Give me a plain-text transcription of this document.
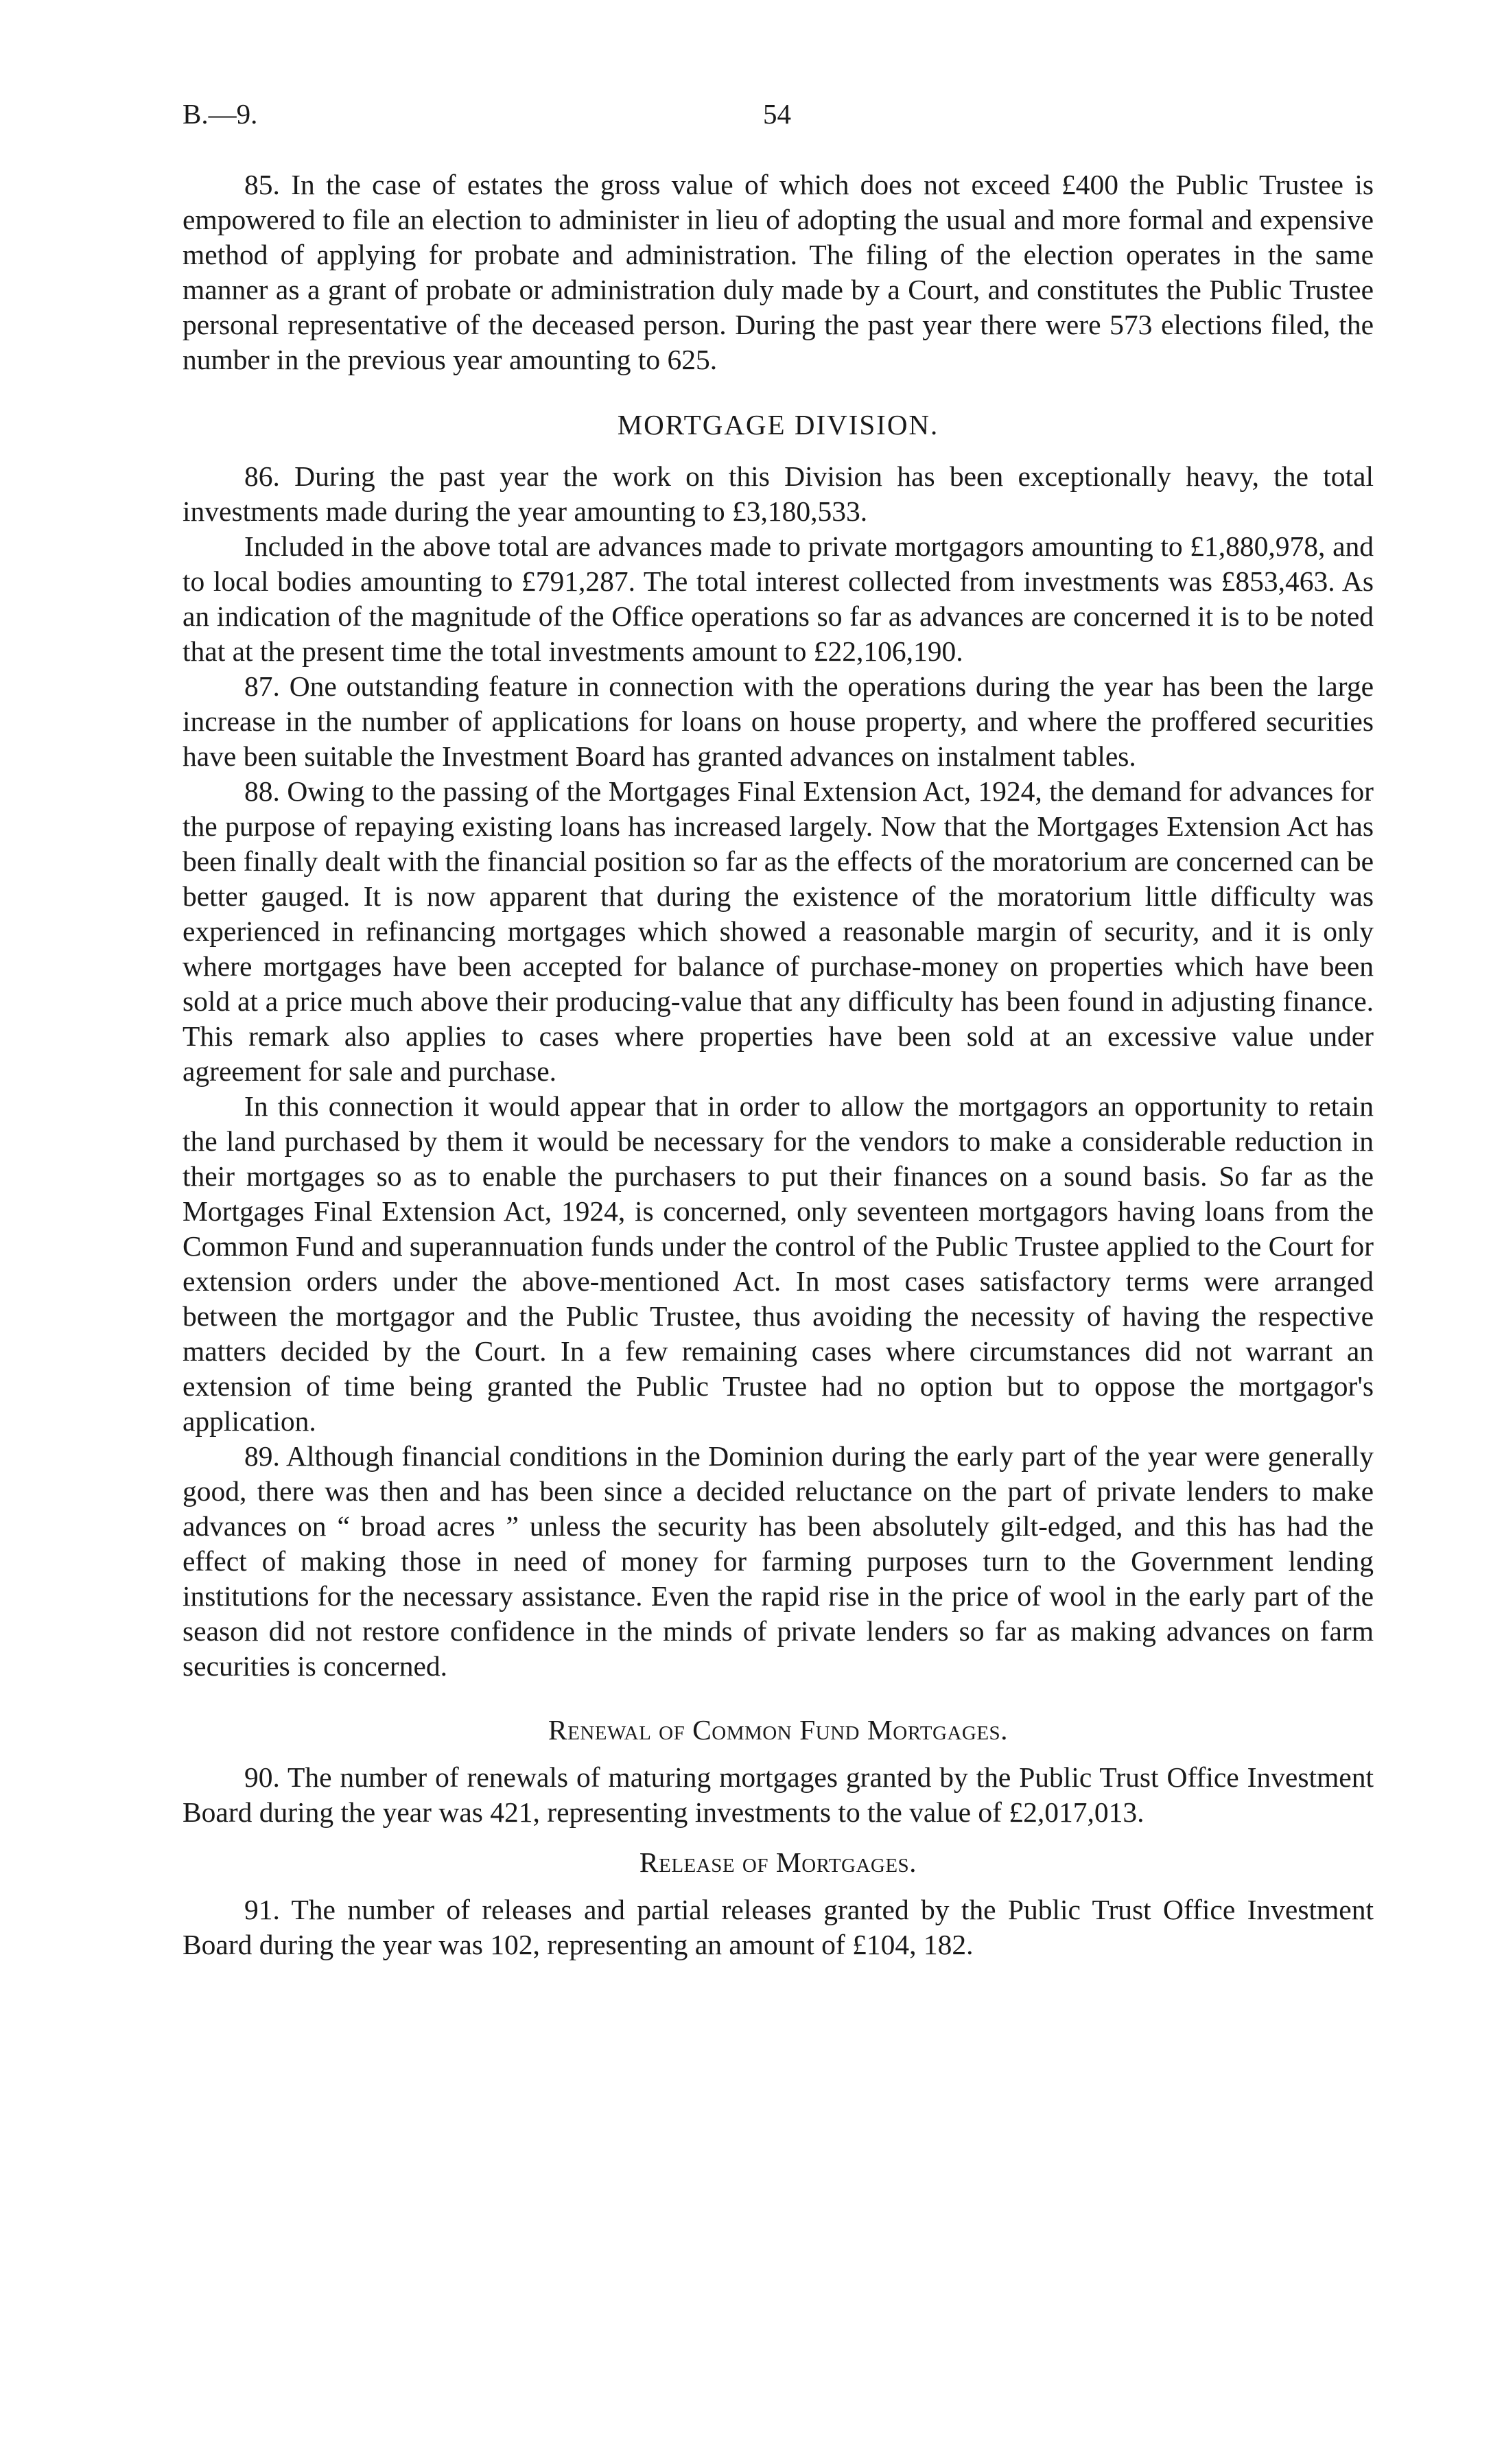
B.—9.	54

85. In the case of estates the gross value of which does not exceed £400 the Public Trustee is empowered to file an election to administer in lieu of adopting the usual and more formal and expensive method of applying for probate and administration. The filing of the election operates in the same manner as a grant of probate or administration duly made by a Court, and constitutes the Public Trustee personal representative of the deceased person. During the past year there were 573 elections filed, the number in the previous year amounting to 625.

MORTGAGE DIVISION.

86. During the past year the work on this Division has been exceptionally heavy, the total investments made during the year amounting to £3,180,533.

Included in the above total are advances made to private mortgagors amounting to £1,880,978, and to local bodies amounting to £791,287. The total interest collected from investments was £853,463. As an indication of the magnitude of the Office operations so far as advances are concerned it is to be noted that at the present time the total investments amount to £22,106,190.

87. One outstanding feature in connection with the operations during the year has been the large increase in the number of applications for loans on house property, and where the proffered securities have been suitable the Investment Board has granted advances on instalment tables.

88. Owing to the passing of the Mortgages Final Extension Act, 1924, the demand for advances for the purpose of repaying existing loans has increased largely. Now that the Mortgages Extension Act has been finally dealt with the financial position so far as the effects of the moratorium are concerned can be better gauged. It is now apparent that during the existence of the moratorium little difficulty was experienced in refinancing mortgages which showed a reasonable margin of security, and it is only where mortgages have been accepted for balance of purchase-money on properties which have been sold at a price much above their producing-value that any difficulty has been found in adjusting finance. This remark also applies to cases where properties have been sold at an excessive value under agreement for sale and purchase.

In this connection it would appear that in order to allow the mortgagors an opportunity to retain the land purchased by them it would be necessary for the vendors to make a considerable reduction in their mortgages so as to enable the purchasers to put their finances on a sound basis. So far as the Mortgages Final Extension Act, 1924, is concerned, only seventeen mortgagors having loans from the Common Fund and superannuation funds under the control of the Public Trustee applied to the Court for extension orders under the above-mentioned Act. In most cases satisfactory terms were arranged between the mortgagor and the Public Trustee, thus avoiding the necessity of having the respective matters decided by the Court. In a few remaining cases where circumstances did not warrant an extension of time being granted the Public Trustee had no option but to oppose the mortgagor's application.

89. Although financial conditions in the Dominion during the early part of the year were generally good, there was then and has been since a decided reluctance on the part of private lenders to make advances on “ broad acres ” unless the security has been absolutely gilt-edged, and this has had the effect of making those in need of money for farming purposes turn to the Government lending institutions for the necessary assistance. Even the rapid rise in the price of wool in the early part of the season did not restore confidence in the minds of private lenders so far as making advances on farm securities is concerned.

Renewal of Common Fund Mortgages.

90. The number of renewals of maturing mortgages granted by the Public Trust Office Investment Board during the year was 421, representing investments to the value of £2,017,013.

Release of Mortgages.

91. The number of releases and partial releases granted by the Public Trust Office Investment Board during the year was 102, representing an amount of £104, 182.
